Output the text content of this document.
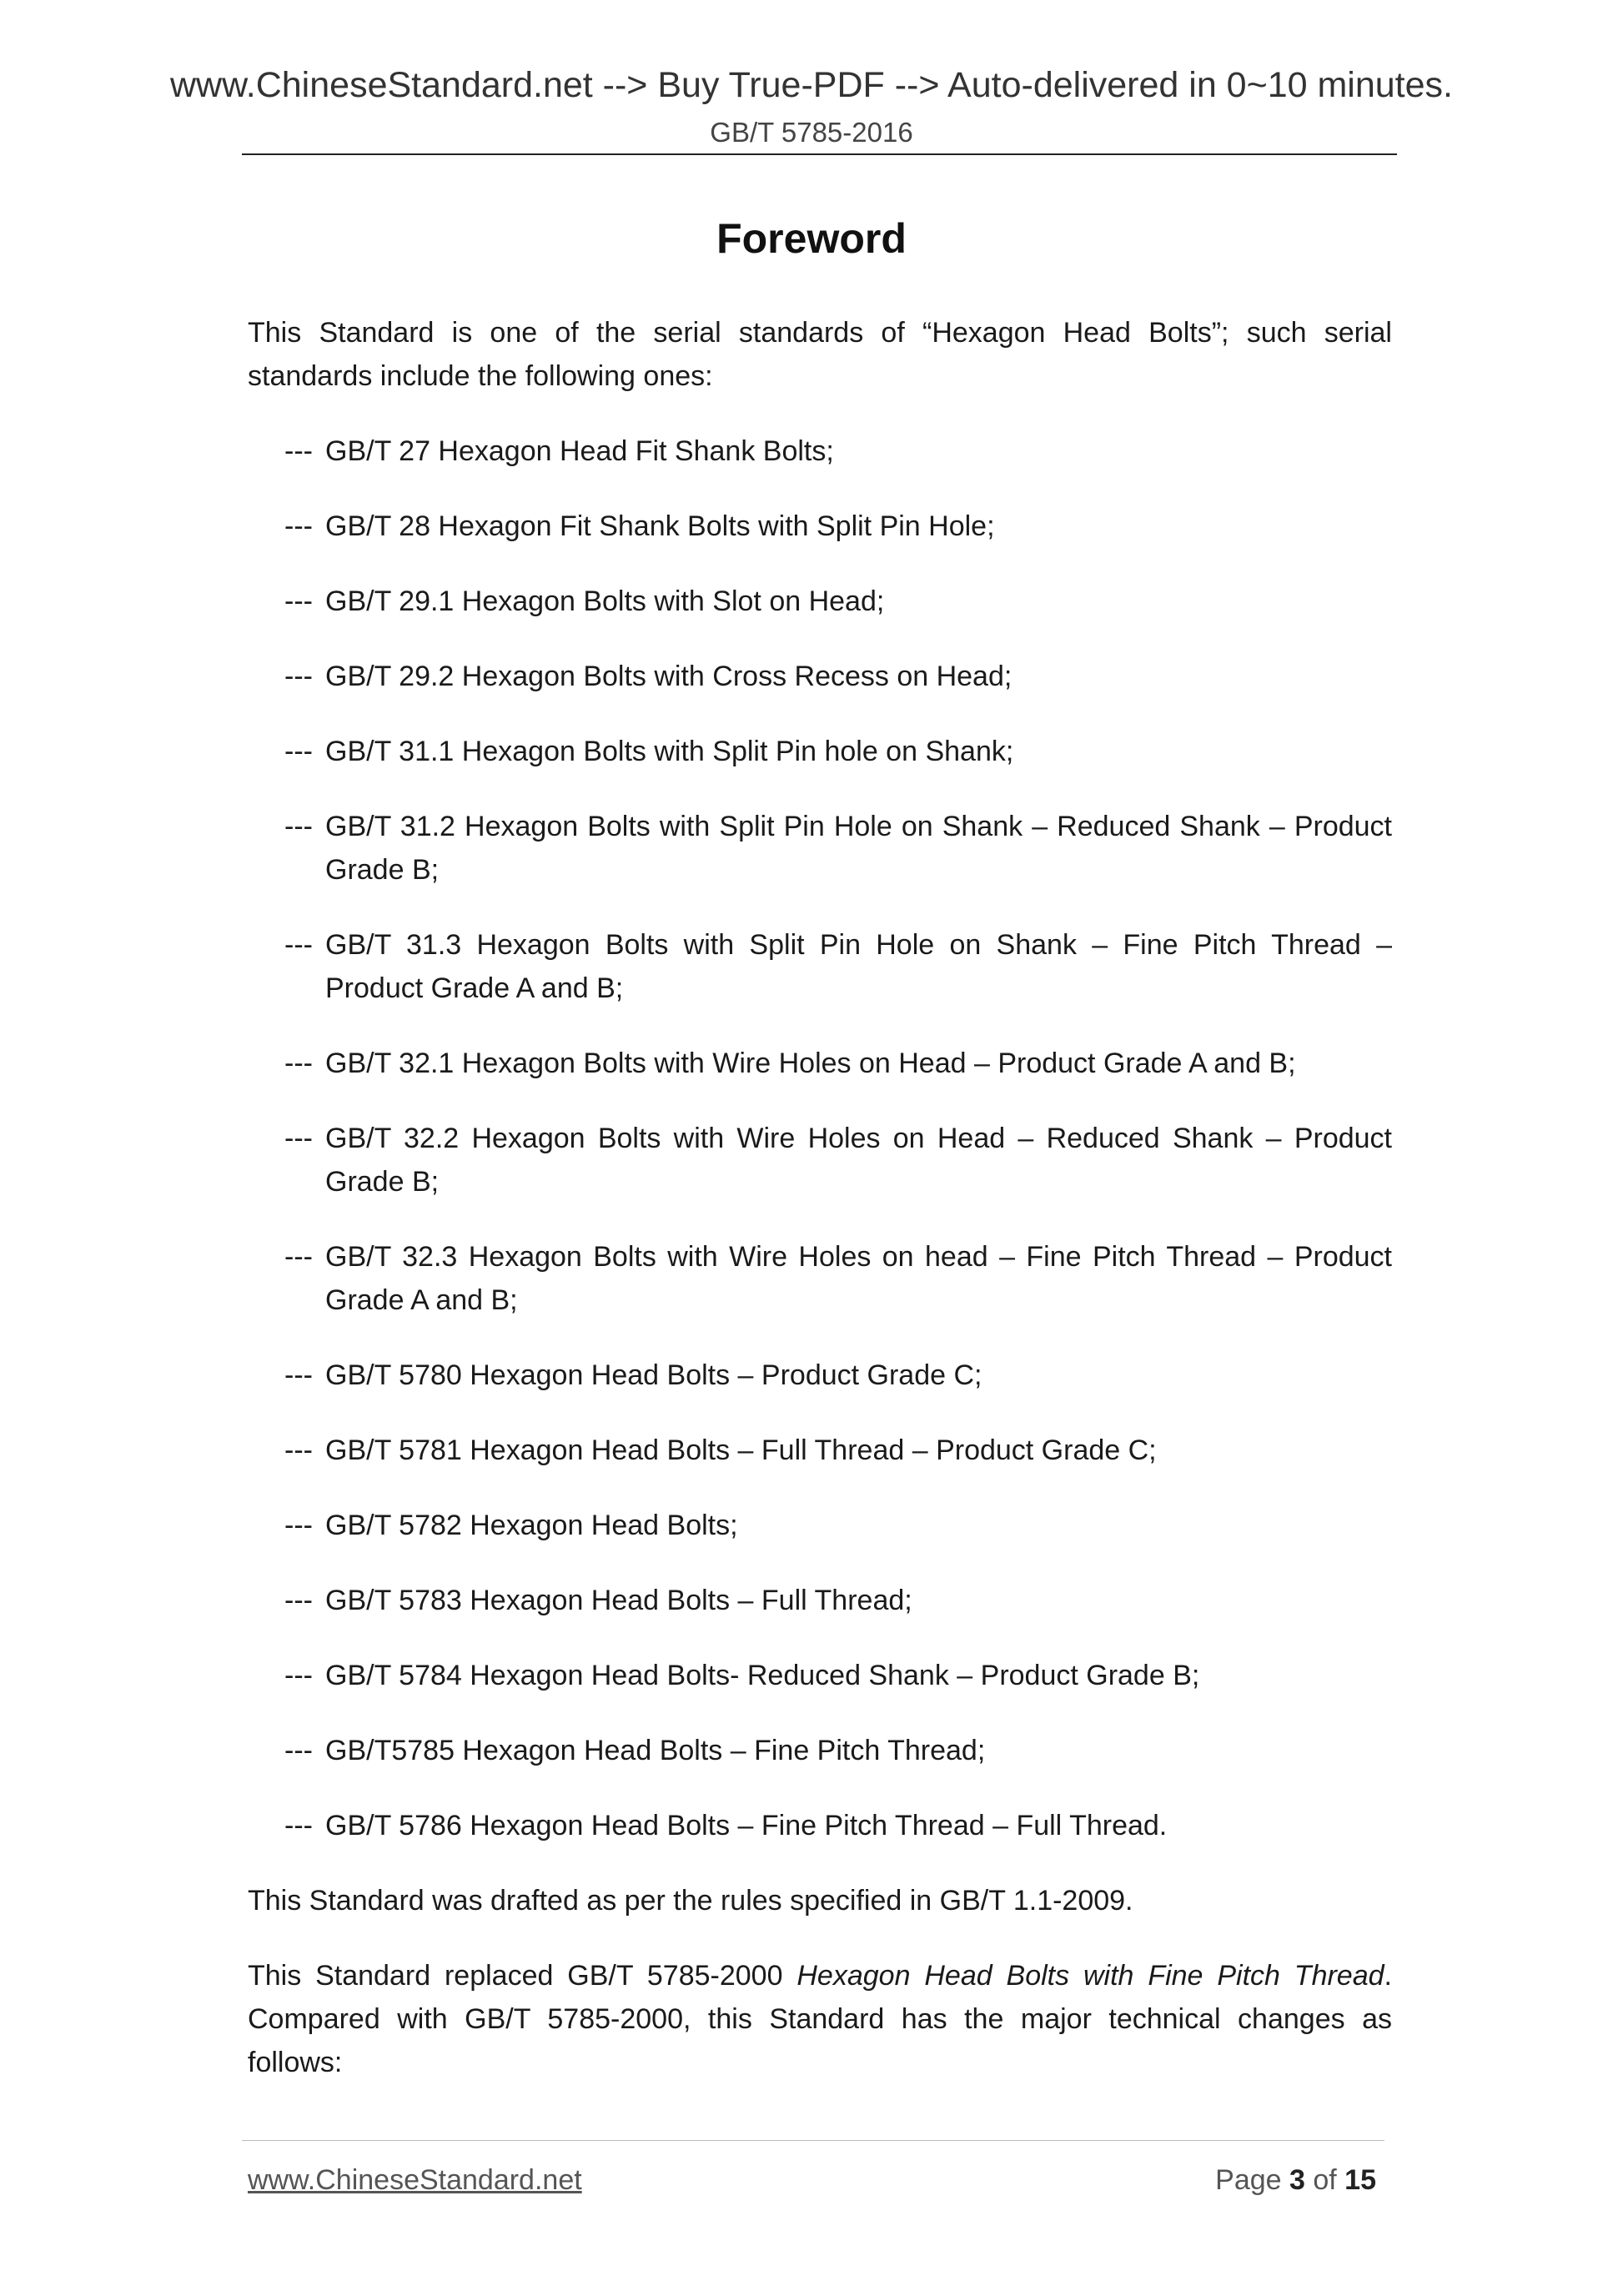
www.ChineseStandard.net --> Buy True-PDF --> Auto-delivered in 0~10 minutes.
GB/T 5785-2016
Foreword

This Standard is one of the serial standards of “Hexagon Head Bolts”; such serial standards include the following ones:

--- GB/T 27 Hexagon Head Fit Shank Bolts;
--- GB/T 28 Hexagon Fit Shank Bolts with Split Pin Hole;
--- GB/T 29.1 Hexagon Bolts with Slot on Head;
--- GB/T 29.2 Hexagon Bolts with Cross Recess on Head;
--- GB/T 31.1 Hexagon Bolts with Split Pin hole on Shank;
--- GB/T 31.2 Hexagon Bolts with Split Pin Hole on Shank – Reduced Shank – Product Grade B;
--- GB/T 31.3 Hexagon Bolts with Split Pin Hole on Shank – Fine Pitch Thread – Product Grade A and B;
--- GB/T 32.1 Hexagon Bolts with Wire Holes on Head – Product Grade A and B;
--- GB/T 32.2 Hexagon Bolts with Wire Holes on Head – Reduced Shank – Product Grade B;
--- GB/T 32.3 Hexagon Bolts with Wire Holes on head – Fine Pitch Thread – Product Grade A and B;
--- GB/T 5780 Hexagon Head Bolts – Product Grade C;
--- GB/T 5781 Hexagon Head Bolts – Full Thread – Product Grade C;
--- GB/T 5782 Hexagon Head Bolts;
--- GB/T 5783 Hexagon Head Bolts – Full Thread;
--- GB/T 5784 Hexagon Head Bolts- Reduced Shank – Product Grade B;
--- GB/T5785 Hexagon Head Bolts – Fine Pitch Thread;
--- GB/T 5786 Hexagon Head Bolts – Fine Pitch Thread – Full Thread.

This Standard was drafted as per the rules specified in GB/T 1.1-2009.

This Standard replaced GB/T 5785-2000 Hexagon Head Bolts with Fine Pitch Thread. Compared with GB/T 5785-2000, this Standard has the major technical changes as follows:

www.ChineseStandard.net	Page 3 of 15
